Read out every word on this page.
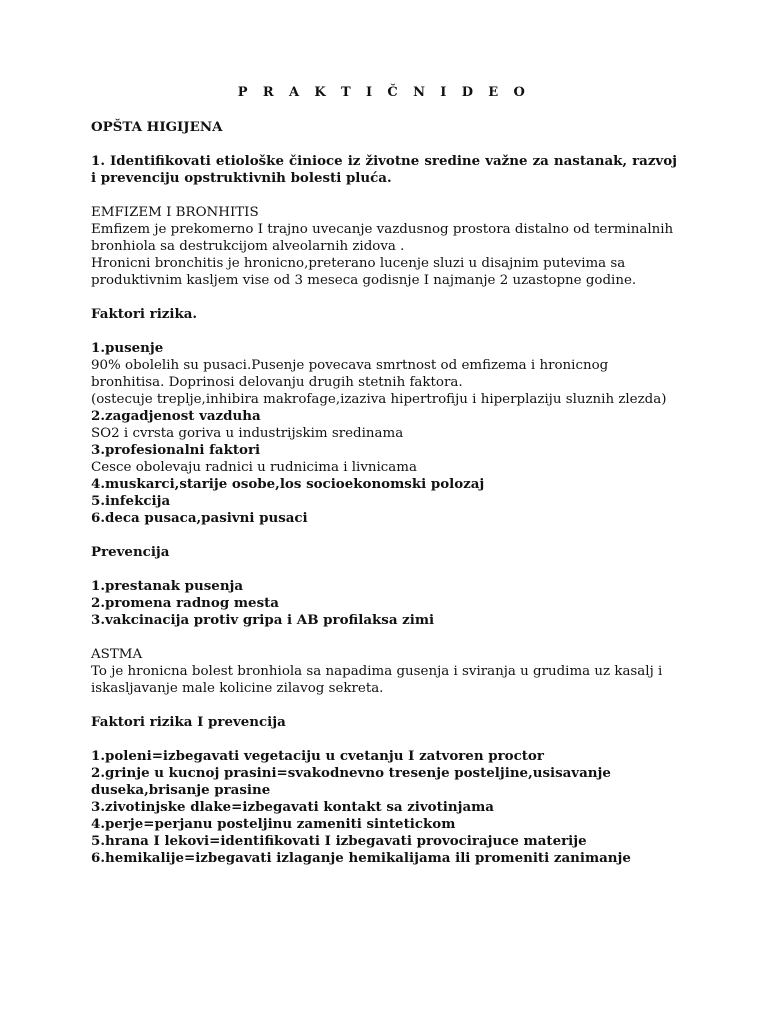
P R A K T I Č N I D E O
OPŠTA HIGIJENA
1. Identifikovati etiološke činioce iz životne sredine važne za nastanak, razvoj i prevenciju opstruktivnih bolesti pluća.

EMFIZEM I BRONHITIS

Emfizem je prekomerno I trajno uvecanje vazdusnog prostora distalno od terminalnih bronhiola sa destrukcijom alveolarnih zidova .

Hronicni bronchitis je hronicno,preterano lucenje sluzi u disajnim putevima sa produktivnim kasljem vise od 3 meseca godisnje I najmanje 2 uzastopne godine.

Faktori rizika.

1.pusenje

90% obolelih su pusaci.Pusenje povecava smrtnost od emfizema i hronicnog bronhitisa. Doprinosi delovanju drugih stetnih faktora.

(ostecuje treplje,inhibira makrofage,izaziva hipertrofiju i hiperplaziju sluznih zlezda)

2.zagadjenost vazduha

SO2 i cvrsta goriva u industrijskim sredinama

3.profesionalni faktori

Cesce obolevaju radnici u rudnicima i livnicama

4.muskarci,starije osobe,los socioekonomski polozaj

5.infekcija

6.deca pusaca,pasivni pusaci

Prevencija

1.prestanak pusenja

2.promena radnog mesta

3.vakcinacija protiv gripa i AB profilaksa zimi

ASTMA

To je hronicna bolest bronhiola sa napadima gusenja i sviranja u grudima uz kasalj i iskasljavanje male kolicine zilavog sekreta.

Faktori rizika I prevencija

1.poleni=izbegavati vegetaciju u cvetanju I zatvoren proctor

2.grinje u kucnoj prasini=svakodnevno tresenje posteljine,usisavanje duseka,brisanje prasine

3.zivotinjske dlake=izbegavati kontakt sa zivotinjama

4.perje=perjanu posteljinu zameniti sintetickom

5.hrana I lekovi=identifikovati I izbegavati provocirajuce materije

6.hemikalije=izbegavati izlaganje hemikalijama ili promeniti zanimanje
